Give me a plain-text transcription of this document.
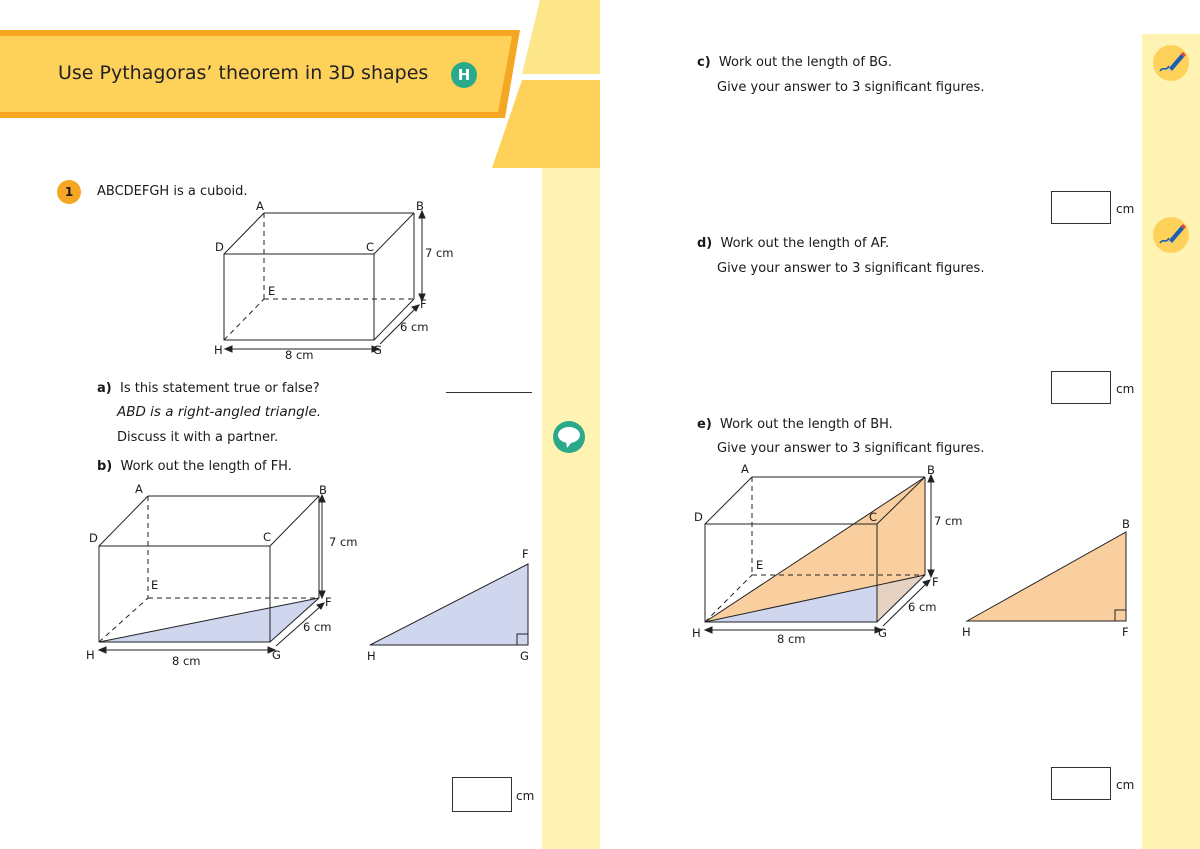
Use Pythagoras’ theorem in 3D shapes	H
1	ABCDEFGH is a cuboid.
A	B
C
D
E
F
G
H
7 cm
6 cm
8 cm
a) Is this statement true or false?
ABD is a right-angled triangle.
Discuss it with a partner.
b) Work out the length of FH.
A	B
C
D
E
F
G
H
7 cm
6 cm
8 cm
F
H	G
cm
c) Work out the length of BG.
Give your answer to 3 significant figures.
cm
d) Work out the length of AF.
Give your answer to 3 significant figures.
cm
e) Work out the length of BH.
Give your answer to 3 significant figures.
A	B
C
D
E
F
G
H
7 cm
6 cm
8 cm
B
H	F
cm
